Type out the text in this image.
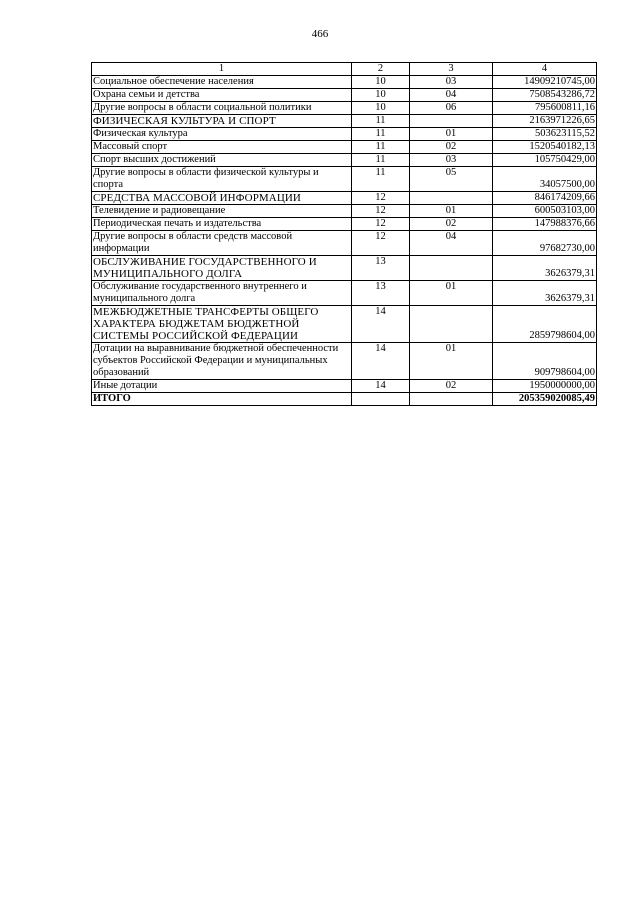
466
1	2	3	4
Социальное обеспечение населения	10	03	14909210745,00
Охрана семьи и детства	10	04	7508543286,72
Другие вопросы в области социальной политики	10	06	795600811,16
ФИЗИЧЕСКАЯ КУЛЬТУРА И СПОРТ	11		2163971226,65
Физическая культура	11	01	503623115,52
Массовый спорт	11	02	1520540182,13
Спорт высших достижений	11	03	105750429,00
Другие вопросы в области физической культуры и спорта	11	05	34057500,00
СРЕДСТВА МАССОВОЙ ИНФОРМАЦИИ	12		846174209,66
Телевидение и радиовещание	12	01	600503103,00
Периодическая печать и издательства	12	02	147988376,66
Другие вопросы в области средств массовой информации	12	04	97682730,00
ОБСЛУЖИВАНИЕ ГОСУДАРСТВЕННОГО И МУНИЦИПАЛЬНОГО ДОЛГА	13		3626379,31
Обслуживание государственного внутреннего и муниципального долга	13	01	3626379,31
МЕЖБЮДЖЕТНЫЕ ТРАНСФЕРТЫ ОБЩЕГО ХАРАКТЕРА БЮДЖЕТАМ БЮДЖЕТНОЙ СИСТЕМЫ РОССИЙСКОЙ ФЕДЕРАЦИИ	14		2859798604,00
Дотации на выравнивание бюджетной обеспеченности субъектов Российской Федерации и муниципальных образований	14	01	909798604,00
Иные дотации	14	02	1950000000,00
ИТОГО			205359020085,49
